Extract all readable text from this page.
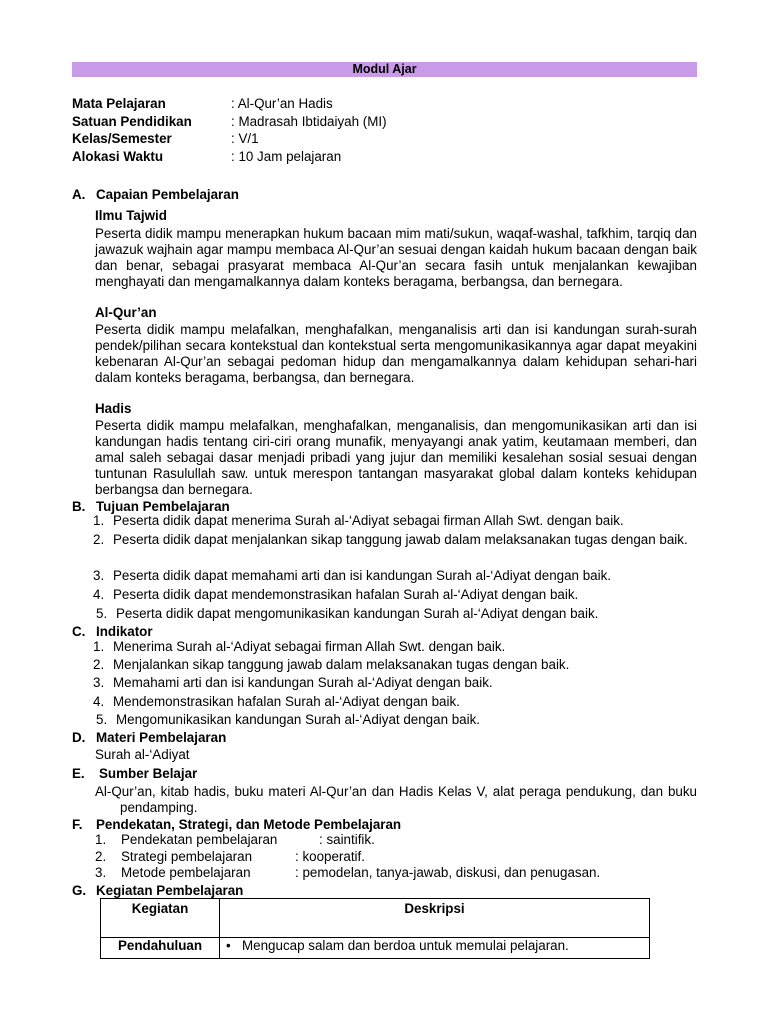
Modul Ajar
Mata Pelajaran	: Al-Qur’an Hadis
Satuan Pendidikan	: Madrasah Ibtidaiyah (MI)
Kelas/Semester	: V/1
Alokasi Waktu	: 10 Jam pelajaran
A. Capaian Pembelajaran
Ilmu Tajwid
Peserta didik mampu menerapkan hukum bacaan mim mati/sukun, waqaf-washal, tafkhim, tarqiq dan jawazuk wajhain agar mampu membaca Al-Qur’an sesuai dengan kaidah hukum bacaan dengan baik dan benar, sebagai prasyarat membaca Al-Qur’an secara fasih untuk menjalankan kewajiban menghayati dan mengamalkannya dalam konteks beragama, berbangsa, dan bernegara.
Al-Qur’an
Peserta didik mampu melafalkan, menghafalkan, menganalisis arti dan isi kandungan surah-surah pendek/pilihan secara kontekstual dan kontekstual serta mengomunikasikannya agar dapat meyakini kebenaran Al-Qur’an sebagai pedoman hidup dan mengamalkannya dalam kehidupan sehari-hari dalam konteks beragama, berbangsa, dan bernegara.
Hadis
Peserta didik mampu melafalkan, menghafalkan, menganalisis, dan mengomunikasikan arti dan isi kandungan hadis tentang ciri-ciri orang munafik, menyayangi anak yatim, keutamaan memberi, dan amal saleh sebagai dasar menjadi pribadi yang jujur dan memiliki kesalehan sosial sesuai dengan tuntunan Rasulullah saw. untuk merespon tantangan masyarakat global dalam konteks kehidupan berbangsa dan bernegara.
B. Tujuan Pembelajaran
1. Peserta didik dapat menerima Surah al-‘Adiyat sebagai firman Allah Swt. dengan baik.
2. Peserta didik dapat menjalankan sikap tanggung jawab dalam melaksanakan tugas dengan baik.
3. Peserta didik dapat memahami arti dan isi kandungan Surah al-‘Adiyat dengan baik.
4. Peserta didik dapat mendemonstrasikan hafalan Surah al-‘Adiyat dengan baik.
5. Peserta didik dapat mengomunikasikan kandungan Surah al-‘Adiyat dengan baik.
C. Indikator
1. Menerima Surah al-‘Adiyat sebagai firman Allah Swt. dengan baik.
2. Menjalankan sikap tanggung jawab dalam melaksanakan tugas dengan baik.
3. Memahami arti dan isi kandungan Surah al-‘Adiyat dengan baik.
4. Mendemonstrasikan hafalan Surah al-‘Adiyat dengan baik.
5. Mengomunikasikan kandungan Surah al-‘Adiyat dengan baik.
D. Materi Pembelajaran
Surah al-‘Adiyat
E. Sumber Belajar
Al-Qur’an, kitab hadis, buku materi Al-Qur’an dan Hadis Kelas V, alat peraga pendukung, dan buku pendamping.
F. Pendekatan, Strategi, dan Metode Pembelajaran
1. Pendekatan pembelajaran	: saintifik.
2. Strategi pembelajaran	: kooperatif.
3. Metode pembelajaran	: pemodelan, tanya-jawab, diskusi, dan penugasan.
G. Kegiatan Pembelajaran
Kegiatan	Deskripsi

Pendahuluan	• Mengucap salam dan berdoa untuk memulai pelajaran.
